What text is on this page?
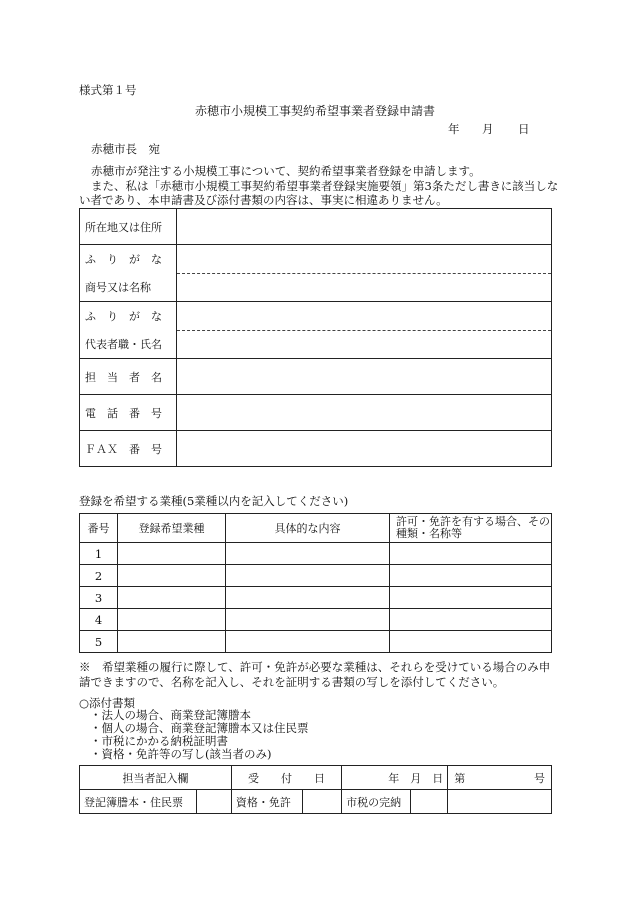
様式第１号
赤穂市小規模工事契約希望事業者登録申請書
年 月 日
赤穂市長　宛

赤穂市が発注する小規模工事について、契約希望事業者登録を申請します。

また、私は「赤穂市小規模工事契約希望事業者登録実施要領」第3条ただし書きに該当しない者であり、本申請書及び添付書類の内容は、事実に相違ありません。

所在地又は住所	

ふ　り　が　な
商号又は名称	

ふ　り　が　な
代表者職・氏名	

担　当　者　名	
電　話　番　号	
ＦＡＸ　番　号	
登録を希望する業種(5業種以内を記入してください)
番号	登録希望業種	具体的な内容	許可・免許を有する場合、その種類・名称等
1			
2			
3			
4			
5			

※　希望業種の履行に際して、許可・免許が必要な業種は、それらを受けている場合のみ申請できますので、名称を記入し、それを証明する書類の写しを添付してください。

○添付書類
・法人の場合、商業登記簿謄本
・個人の場合、商業登記簿謄本又は住民票
・市税にかかる納税証明書
・資格・免許等の写し(該当者のみ)
担当者記入欄		受　　付　　日		年　月　日		第 号

登記簿謄本・住民票		資格・免許		市税の完納		
